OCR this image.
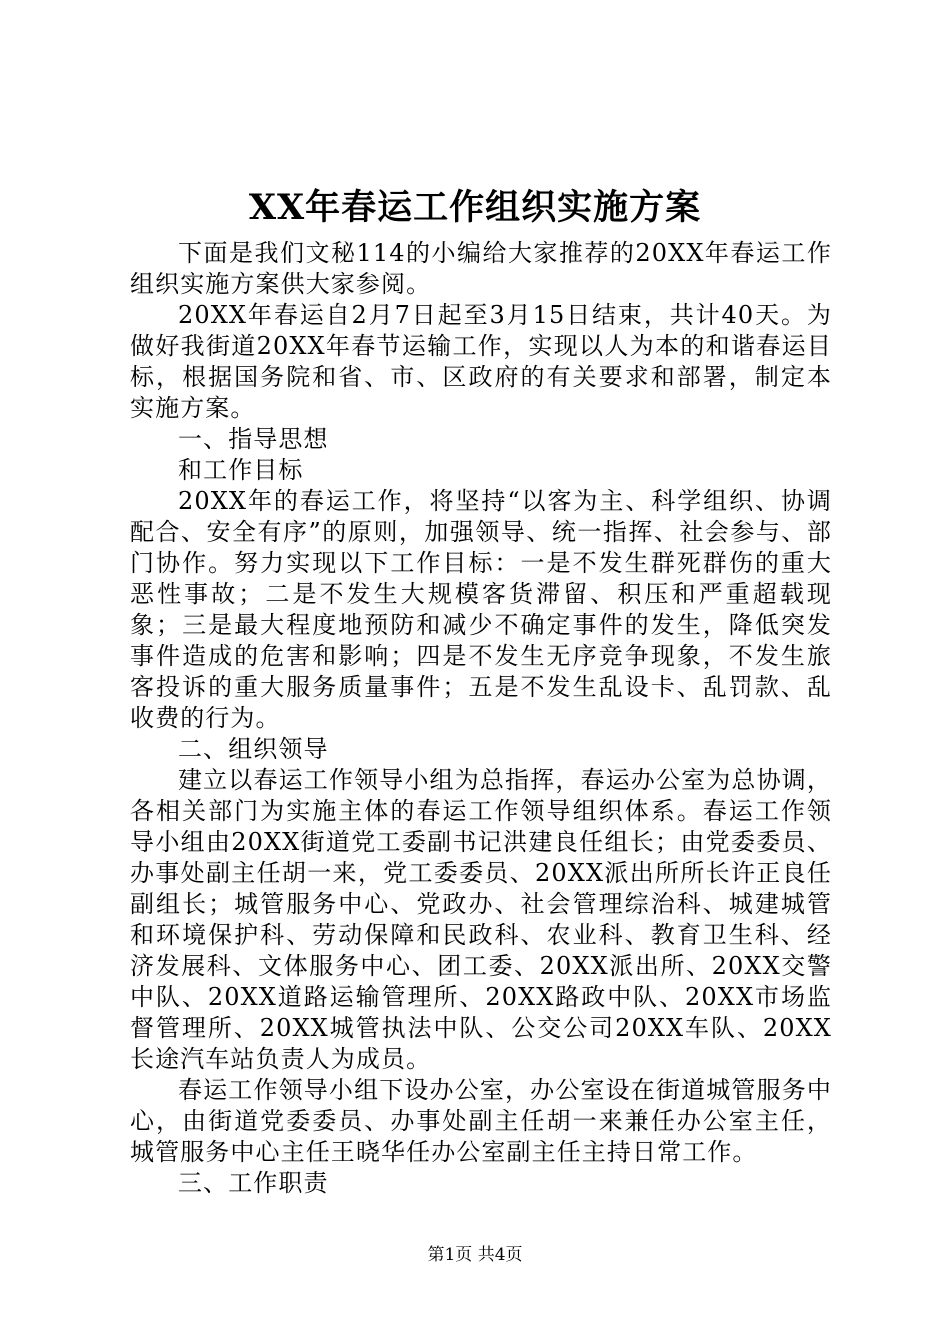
XX年春运工作组织实施方案

下面是我们文秘114的小编给大家推荐的20XX年春运工作组织实施方案供大家参阅。

20XX年春运自2月7日起至3月15日结束，共计40天。为做好我街道20XX年春节运输工作，实现以人为本的和谐春运目标，根据国务院和省、市、区政府的有关要求和部署，制定本实施方案。

一、指导思想

和工作目标

20XX年的春运工作，将坚持“以客为主、科学组织、协调配合、安全有序”的原则，加强领导、统一指挥、社会参与、部门协作。努力实现以下工作目标：一是不发生群死群伤的重大恶性事故；二是不发生大规模客货滞留、积压和严重超载现象；三是最大程度地预防和减少不确定事件的发生，降低突发事件造成的危害和影响；四是不发生无序竞争现象，不发生旅客投诉的重大服务质量事件；五是不发生乱设卡、乱罚款、乱收费的行为。

二、组织领导

建立以春运工作领导小组为总指挥，春运办公室为总协调，各相关部门为实施主体的春运工作领导组织体系。春运工作领导小组由20XX街道党工委副书记洪建良任组长；由党委委员、办事处副主任胡一来，党工委委员、20XX派出所所长许正良任副组长；城管服务中心、党政办、社会管理综治科、城建城管和环境保护科、劳动保障和民政科、农业科、教育卫生科、经济发展科、文体服务中心、团工委、20XX派出所、20XX交警中队、20XX道路运输管理所、20XX路政中队、20XX市场监督管理所、20XX城管执法中队、公交公司20XX车队、20XX长途汽车站负责人为成员。

春运工作领导小组下设办公室，办公室设在街道城管服务中心，由街道党委委员、办事处副主任胡一来兼任办公室主任，城管服务中心主任王晓华任办公室副主任主持日常工作。

三、工作职责

第1页 共4页
